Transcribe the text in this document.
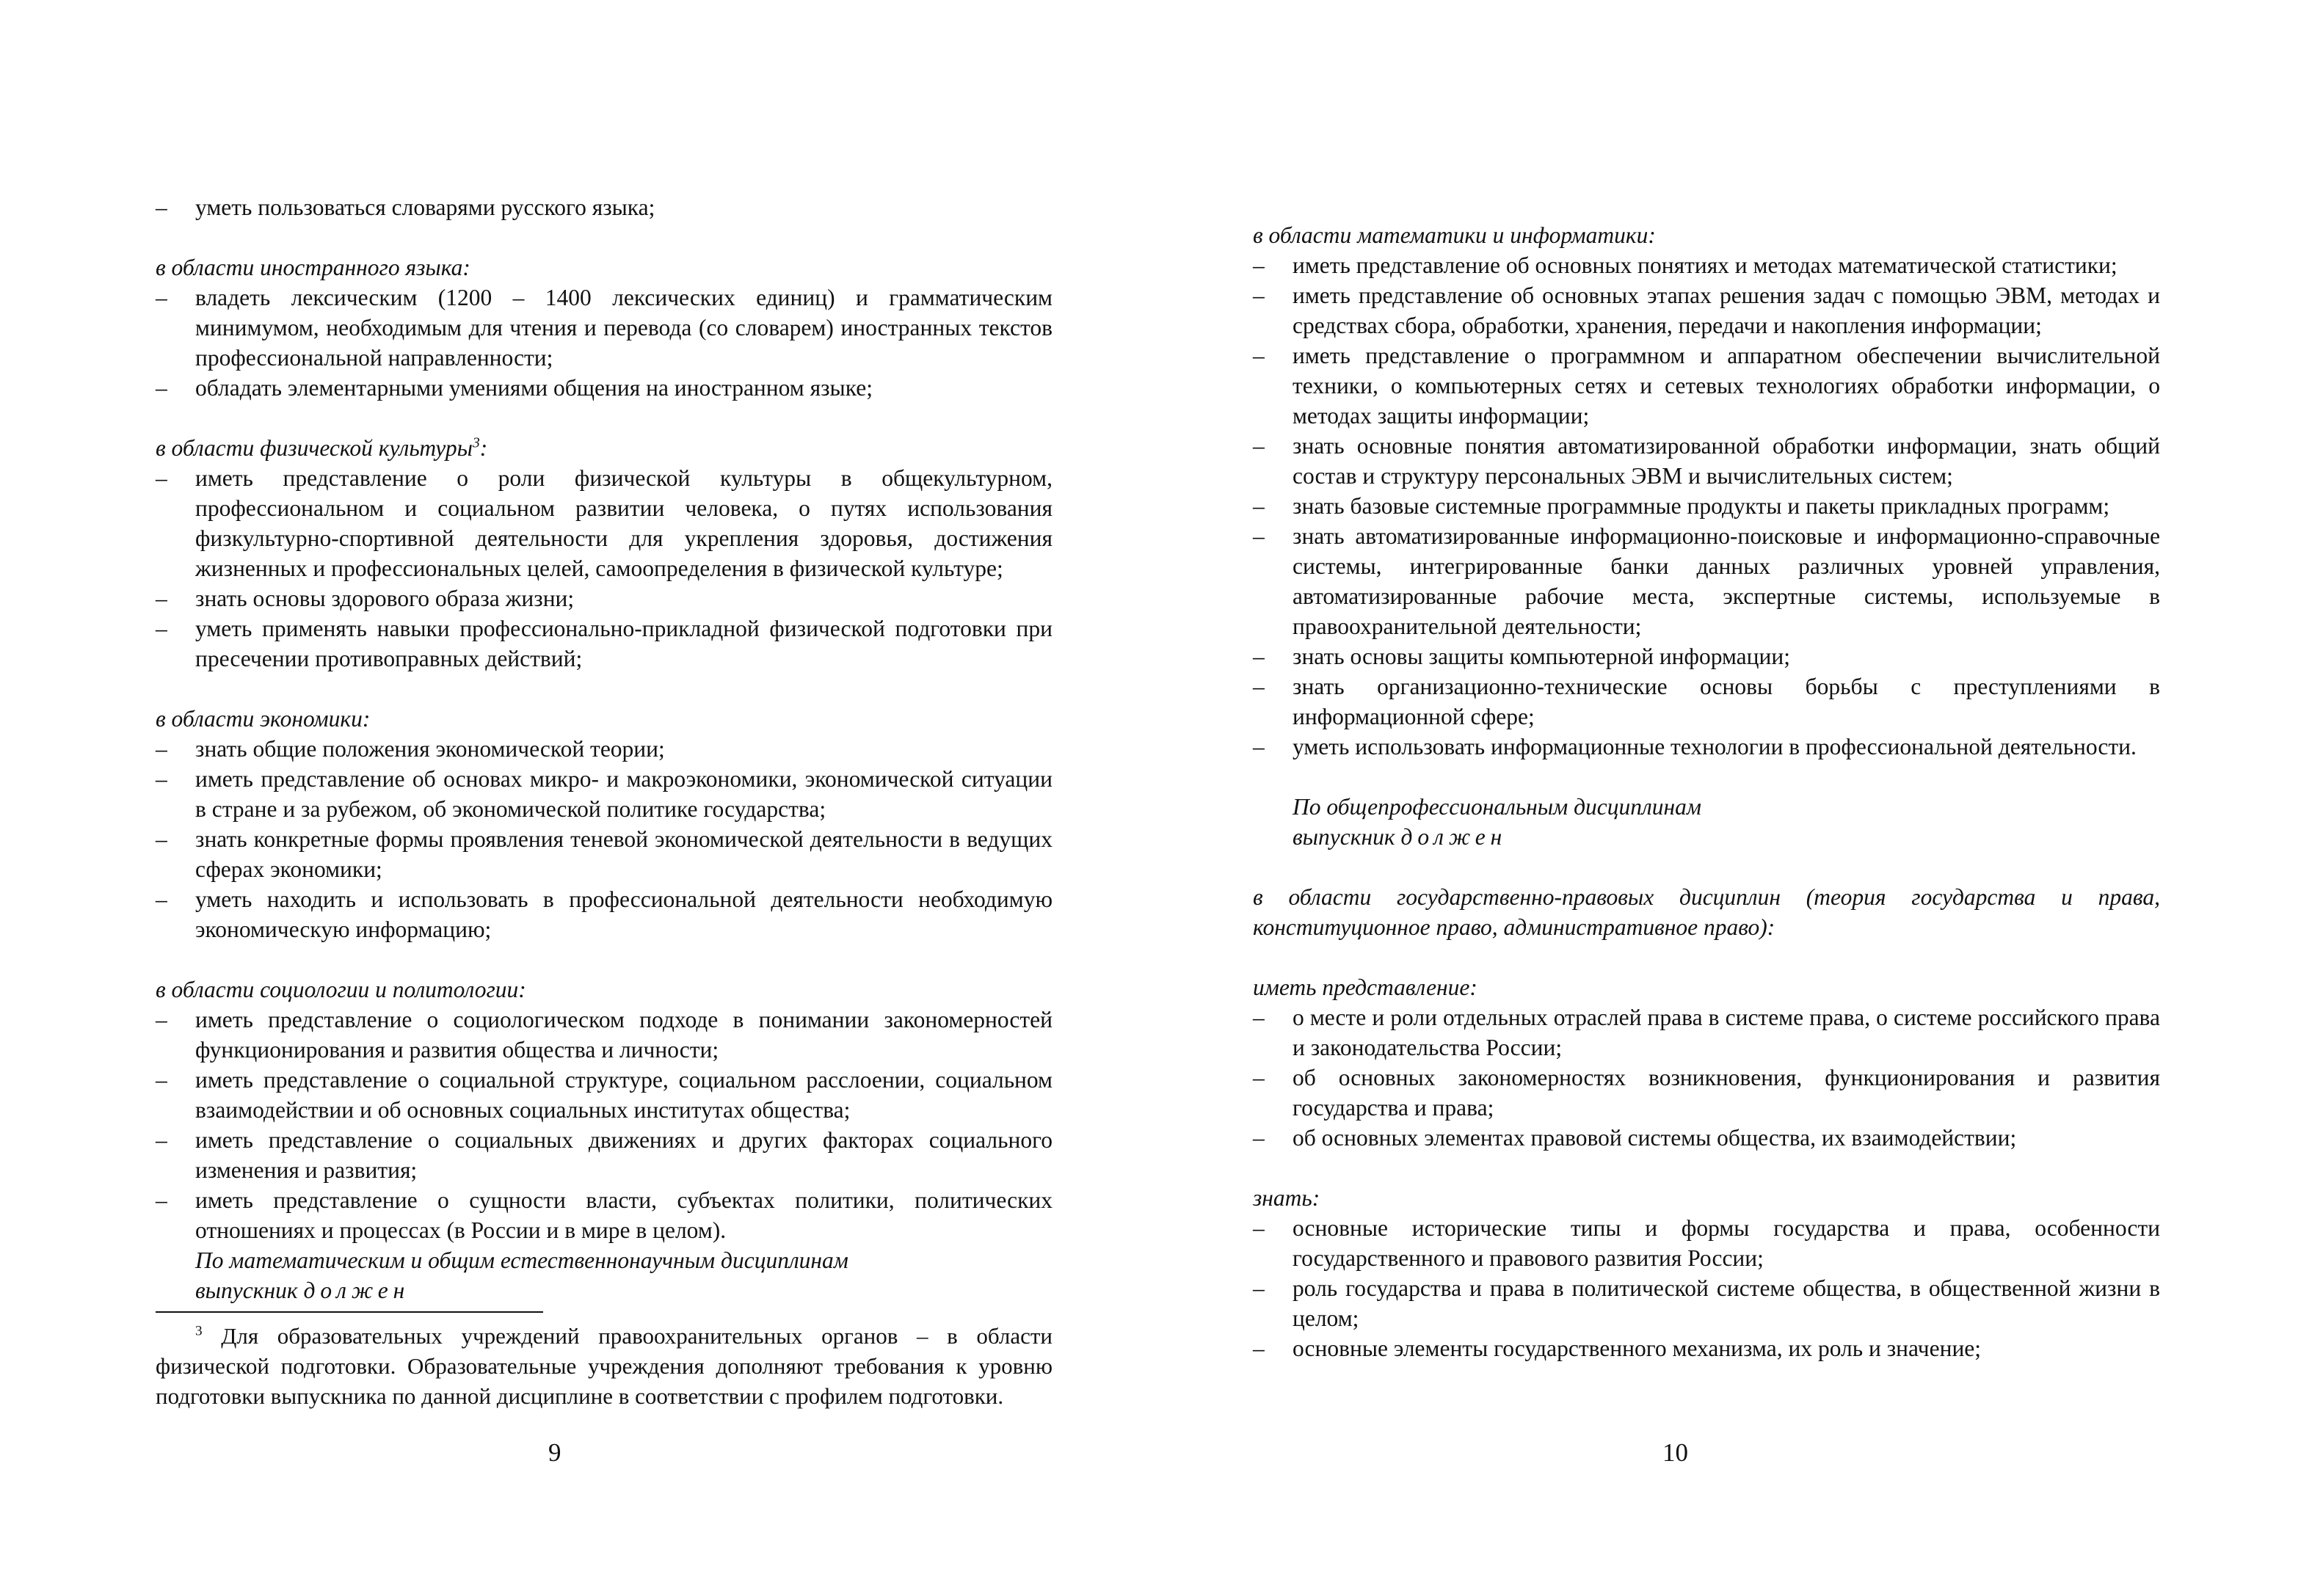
– уметь пользоваться словарями русского языка;

в области иностранного языка:

– владеть лексическим (1200 – 1400 лексических единиц) и грамматическим минимумом, необходимым для чтения и перевода (со словарем) иностранных текстов профессиональной направленности;
– обладать элементарными умениями общения на иностранном языке;

в области физической культуры$^3$:

– иметь представление о роли физической культуры в общекультурном, профессиональном и социальном развитии человека, о путях использования физкультурно-спортивной деятельности для укрепления здоровья, достижения жизненных и профессиональных целей, самоопределения в физической культуре;
– знать основы здорового образа жизни;
– уметь применять навыки профессионально-прикладной физической подготовки при пресечении противоправных действий;

в области экономики:

– знать общие положения экономической теории;
– иметь представление об основах микро- и макроэкономики, экономической ситуации в стране и за рубежом, об экономической политике государства;
– знать конкретные формы проявления теневой экономической деятельности в ведущих сферах экономики;
– уметь находить и использовать в профессиональной деятельности необходимую экономическую информацию;

в области социологии и политологии:

– иметь представление о социологическом подходе в понимании закономерностей функционирования и развития общества и личности;
– иметь представление о социальной структуре, социальном расслоении, социальном взаимодействии и об основных социальных институтах общества;
– иметь представление о социальных движениях и других факторах социального изменения и развития;
– иметь представление о сущности власти, субъектах политики, политических отношениях и процессах (в России и в мире в целом).
По математическим и общим естественнонаучным дисциплинам
выпускник должен
$^3$ Для образовательных учреждений правоохранительных органов – в области физической подготовки. Образовательные учреждения дополняют требования к уровню подготовки выпускника по данной дисциплине в соответствии с профилем подготовки.
9

в области математики и информатики:

– иметь представление об основных понятиях и методах математической статистики;
– иметь представление об основных этапах решения задач с помощью ЭВМ, методах и средствах сбора, обработки, хранения, передачи и накопления информации;
– иметь представление о программном и аппаратном обеспечении вычислительной техники, о компьютерных сетях и сетевых технологиях обработки информации, о методах защиты информации;
– знать основные понятия автоматизированной обработки информации, знать общий состав и структуру персональных ЭВМ и вычислительных систем;
– знать базовые системные программные продукты и пакеты прикладных программ;
– знать автоматизированные информационно-поисковые и информационно-справочные системы, интегрированные банки данных различных уровней управления, автоматизированные рабочие места, экспертные системы, используемые в правоохранительной деятельности;
– знать основы защиты компьютерной информации;
– знать организационно-технические основы борьбы с преступлениями в информационной сфере;
– уметь использовать информационные технологии в профессиональной деятельности.
По общепрофессиональным дисциплинам
выпускник должен

в области государственно-правовых дисциплин (теория государства и права, конституционное право, административное право):

иметь представление:

– о месте и роли отдельных отраслей права в системе права, о системе российского права и законодательства России;
– об основных закономерностях возникновения, функционирования и развития государства и права;
– об основных элементах правовой системы общества, их взаимодействии;

знать:

– основные исторические типы и формы государства и права, особенности государственного и правового развития России;
– роль государства и права в политической системе общества, в общественной жизни в целом;
– основные элементы государственного механизма, их роль и значение;
10
